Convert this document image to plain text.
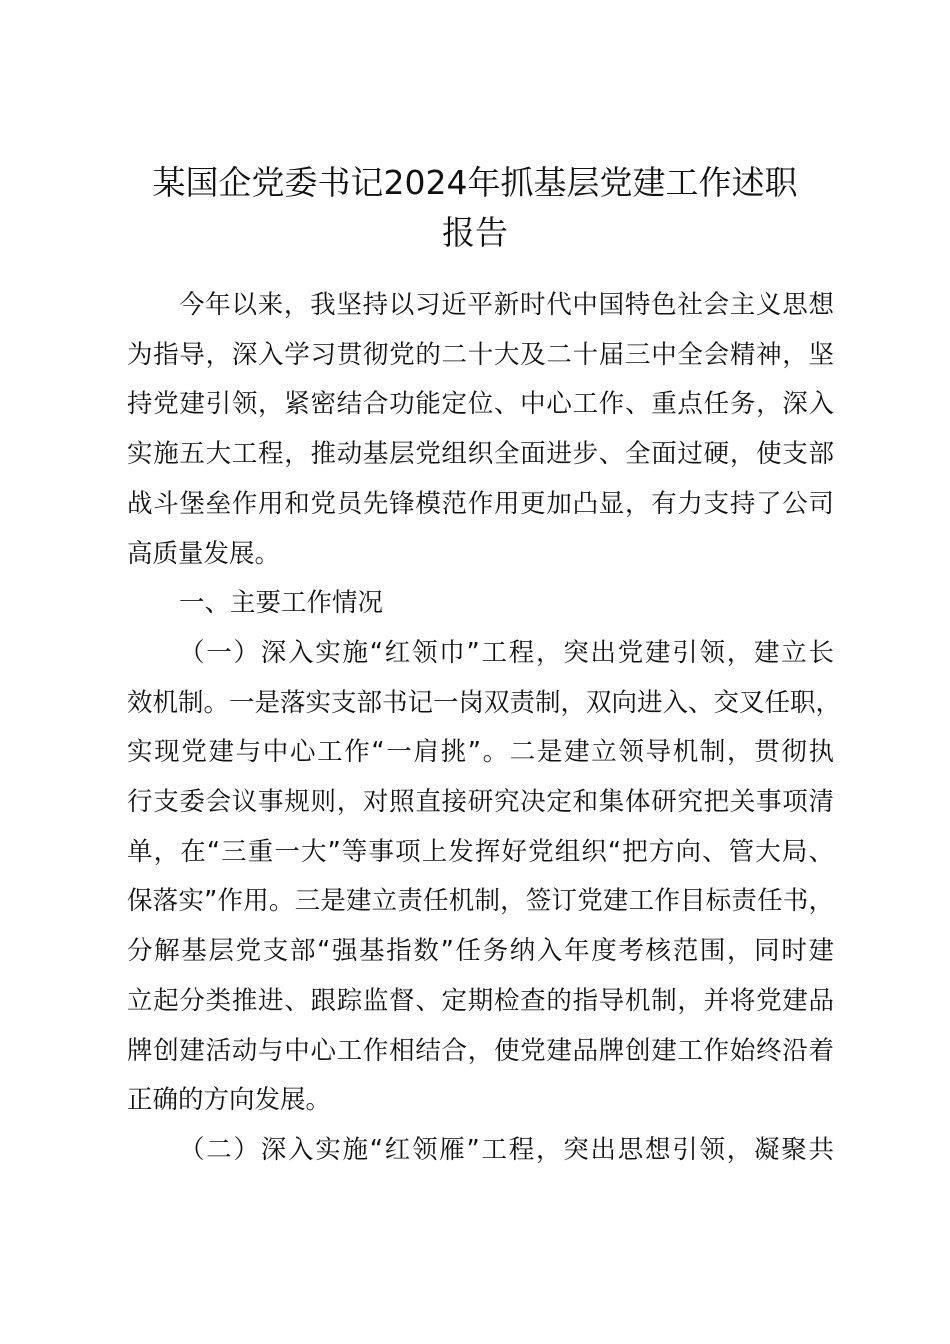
某国企党委书记2024年抓基层党建工作述职
报告
今年以来，我坚持以习近平新时代中国特色社会主义思想
为指导，深入学习贯彻党的二十大及二十届三中全会精神，坚
持党建引领，紧密结合功能定位、中心工作、重点任务，深入
实施五大工程，推动基层党组织全面进步、全面过硬，使支部
战斗堡垒作用和党员先锋模范作用更加凸显，有力支持了公司
高质量发展。
一、主要工作情况
（一）深入实施“红领巾”工程，突出党建引领，建立长
效机制。一是落实支部书记一岗双责制，双向进入、交叉任职，
实现党建与中心工作“一肩挑”。二是建立领导机制，贯彻执
行支委会议事规则，对照直接研究决定和集体研究把关事项清
单，在“三重一大”等事项上发挥好党组织“把方向、管大局、
保落实”作用。三是建立责任机制，签订党建工作目标责任书，
分解基层党支部“强基指数”任务纳入年度考核范围，同时建
立起分类推进、跟踪监督、定期检查的指导机制，并将党建品
牌创建活动与中心工作相结合，使党建品牌创建工作始终沿着
正确的方向发展。
（二）深入实施“红领雁”工程，突出思想引领，凝聚共
